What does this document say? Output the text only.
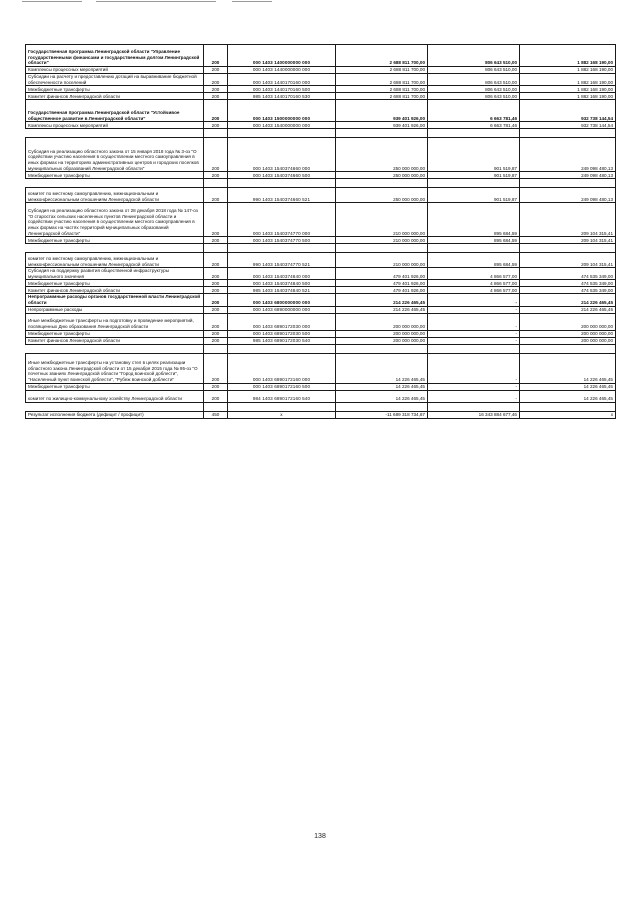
Государственная программа Ленинградской области "Управление государственными финансами и государственным долгом Ленинградской области"	200	000 1403 1400000000 000	2 688 811 700,00	806 643 510,00	1 882 168 190,00
Комплексы процессных мероприятий	200	000 1403 1440000000 000	2 688 811 700,00	806 643 510,00	1 882 168 190,00
Субсидии на расчету и предоставлению дотаций на выравнивание бюджетной обеспеченности поселений	200	000 1403 1440170160 000	2 688 811 700,00	806 643 510,00	1 882 168 190,00
Межбюджетные трансферты	200	000 1403 1440170160 500	2 688 811 700,00	806 643 510,00	1 882 168 190,00
Комитет финансов Ленинградской области	200	985 1403 1440170160 530	2 688 811 700,00	806 643 510,00	1 882 168 190,00
Государственная программа Ленинградской области "Устойчивое общественное развитие в Ленинградской области"	200	000 1403 1500000000 000	939 401 926,00	6 663 781,46	932 738 144,54
Комплексы процессных мероприятий	200	000 1403 1540000000 000	939 401 926,00	6 663 781,46	932 738 144,54

Субсидия на реализацию областного закона от 15 января 2018 года № 3-оз "О содействии участию населения в осуществлении местного самоуправления в иных формах на территориях административных центров и городских поселков муниципальных образований Ленинградской области"	200	000 1403 1540374660 000	250 000 000,00	901 519,87	249 098 480,13
Межбюджетные трансферты	200	000 1403 1540374660 500	250 000 000,00	901 519,87	249 098 480,13

комитет по местному самоуправлению, межнациональным и межконфессиональным отношениям Ленинградской области	200	990 1403 1540374660 521	250 000 000,00	901 519,87	249 098 480,13
Субсидия на реализацию областного закона от 28 декабря 2018 года № 147-оз "О старостах сельских населенных пунктов Ленинградской области и содействии участию населения в осуществлении местного самоуправления в иных формах на частях территорий муниципальных образований Ленинградской области"	200	000 1403 1540374770 000	210 000 000,00	895 684,59	209 104 315,41
Межбюджетные трансферты	200	000 1403 1540374770 500	210 000 000,00	895 684,59	209 104 315,41

комитет по местному самоуправлению, межнациональным и межконфессиональным отношениям Ленинградской области	200	990 1403 1540374770 521	210 000 000,00	895 684,59	209 104 315,41
Субсидия на поддержку развития общественной инфраструктуры муниципального значения	200	000 1403 1540374840 000	479 401 926,00	4 866 577,00	474 535 349,00
Межбюджетные трансферты	200	000 1403 1540374840 500	479 401 926,00	4 866 577,00	474 535 349,00
Комитет финансов Ленинградской области	200	985 1403 1540374840 521	479 401 926,00	4 866 577,00	474 535 349,00
Непрограммные расходы органов государственной власти Ленинградской области	200	000 1403 6800000000 000	214 226 465,45	-	214 226 465,45
Непрограммные расходы	200	000 1403 6890000000 000	214 226 465,45	-	214 226 465,45
Иные межбюджетные трансферты на подготовку и проведение мероприятий, посвященных Дню образования Ленинградской области	200	000 1403 6890172030 000	200 000 000,00	-	200 000 000,00
Межбюджетные трансферты	200	000 1403 6890172030 500	200 000 000,00	-	200 000 000,00
Комитет финансов Ленинградской области	200	985 1403 6890172030 540	200 000 000,00	-	200 000 000,00

Иные межбюджетные трансферты на установку стел в целях реализации областного закона Ленинградской области от 15 декабря 2015 года № 95-оз "О почетных званиях Ленинградской области "Город воинской доблести", "Населенный пункт воинской доблести", "Рубеж воинской доблести"	200	000 1403 6890172160 000	14 226 465,45	-	14 226 465,45
Межбюджетные трансферты	200	000 1403 6890172160 500	14 226 465,45	-	14 226 465,45
комитет по жилищно-коммунальному хозяйству Ленинградской области	200	984 1403 6890172160 540	14 226 465,45	-	14 226 465,45

Результат исполнения бюджета (дефицит / профицит)	450	x	-11 689 318 734,67	16 343 884 677,46	x
138
